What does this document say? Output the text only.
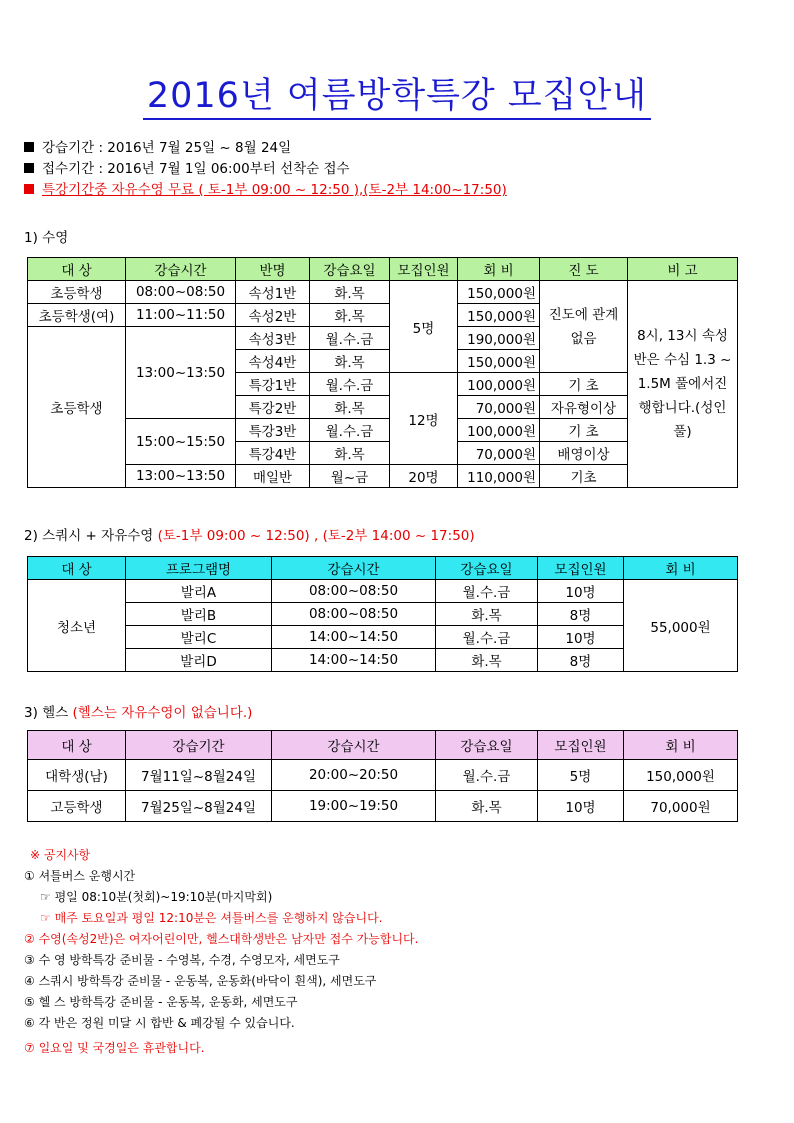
2016년 여름방학특강 모집안내
강습기간 : 2016년 7월 25일 ~ 8월 24일
접수기간 : 2016년 7월 1일 06:00부터 선착순 접수
특강기간중 자유수영 무료 ( 토-1부 09:00 ~ 12:50 ),(토-2부 14:00~17:50)
1) 수영
대 상	강습시간	반명	강습요일	모집인원	회 비	진 도	비 고
초등학생	08:00~08:50	속성1반	화.목	5명	150,000원	진도에 관계없음	8시, 13시 속성반은 수심 1.3 ~ 1.5M 풀에서진행합니다.(성인풀)
초등학생(여)	11:00~11:50	속성2반	화.목		150,000원		
초등학생	13:00~13:50	속성3반	월.수.금		190,000원		
		속성4반	화.목		150,000원		
		특강1반	월.수.금	12명	100,000원	기 초	
		특강2반	화.목		70,000원	자유형이상	
	15:00~15:50	특강3반	월.수.금		100,000원	기 초	
		특강4반	화.목		70,000원	배영이상	
	13:00~13:50	매일반	월~금	20명	110,000원	기초	
2) 스쿼시 + 자유수영 (토-1부 09:00 ~ 12:50) , (토-2부 14:00 ~ 17:50)
대 상	프로그램명	강습시간	강습요일	모집인원	회 비
청소년	발리A	08:00~08:50	월.수.금	10명	55,000원
	발리B	08:00~08:50	화.목	8명	
	발리C	14:00~14:50	월.수.금	10명	
	발리D	14:00~14:50	화.목	8명	
3) 헬스 (헬스는 자유수영이 없습니다.)
대 상	강습기간	강습시간	강습요일	모집인원	회 비
대학생(남)	7월11일~8월24일	20:00~20:50	월.수.금	5명	150,000원
고등학생	7월25일~8월24일	19:00~19:50	화.목	10명	70,000원
※ 공지사항
① 셔틀버스 운행시간
☞ 평일 08:10분(첫회)~19:10분(마지막회)
☞ 매주 토요일과 평일 12:10분은 셔틀버스를 운행하지 않습니다.
② 수영(속성2반)은 여자어린이만, 헬스대학생반은 남자만 접수 가능합니다.
③ 수 영 방학특강 준비물 - 수영복, 수경, 수영모자, 세면도구
④ 스쿼시 방학특강 준비물 - 운동복, 운동화(바닥이 흰색), 세면도구
⑤ 헬 스 방학특강 준비물 - 운동복, 운동화, 세면도구
⑥ 각 반은 정원 미달 시 합반 & 폐강될 수 있습니다.
⑦ 일요일 및 국경일은 휴관합니다.
